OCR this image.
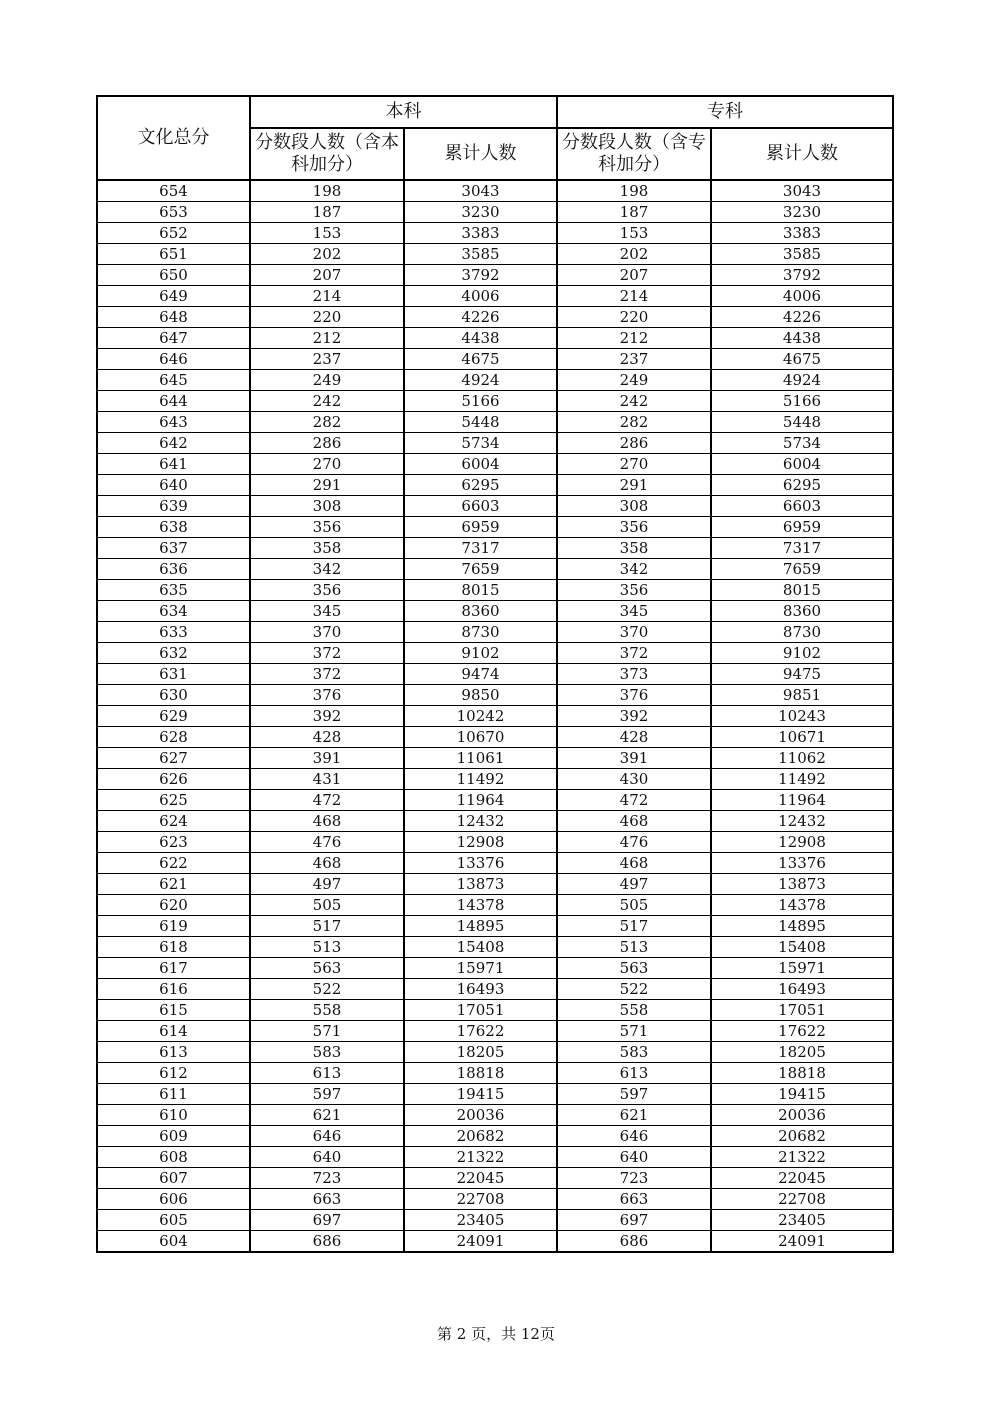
文化总分	本科		专科	
	分数段人数（含本科加分）	累计人数	分数段人数（含专科加分）	累计人数
654	198	3043	198	3043
653	187	3230	187	3230
652	153	3383	153	3383
651	202	3585	202	3585
650	207	3792	207	3792
649	214	4006	214	4006
648	220	4226	220	4226
647	212	4438	212	4438
646	237	4675	237	4675
645	249	4924	249	4924
644	242	5166	242	5166
643	282	5448	282	5448
642	286	5734	286	5734
641	270	6004	270	6004
640	291	6295	291	6295
639	308	6603	308	6603
638	356	6959	356	6959
637	358	7317	358	7317
636	342	7659	342	7659
635	356	8015	356	8015
634	345	8360	345	8360
633	370	8730	370	8730
632	372	9102	372	9102
631	372	9474	373	9475
630	376	9850	376	9851
629	392	10242	392	10243
628	428	10670	428	10671
627	391	11061	391	11062
626	431	11492	430	11492
625	472	11964	472	11964
624	468	12432	468	12432
623	476	12908	476	12908
622	468	13376	468	13376
621	497	13873	497	13873
620	505	14378	505	14378
619	517	14895	517	14895
618	513	15408	513	15408
617	563	15971	563	15971
616	522	16493	522	16493
615	558	17051	558	17051
614	571	17622	571	17622
613	583	18205	583	18205
612	613	18818	613	18818
611	597	19415	597	19415
610	621	20036	621	20036
609	646	20682	646	20682
608	640	21322	640	21322
607	723	22045	723	22045
606	663	22708	663	22708
605	697	23405	697	23405
604	686	24091	686	24091
第 2 页，共 12页
